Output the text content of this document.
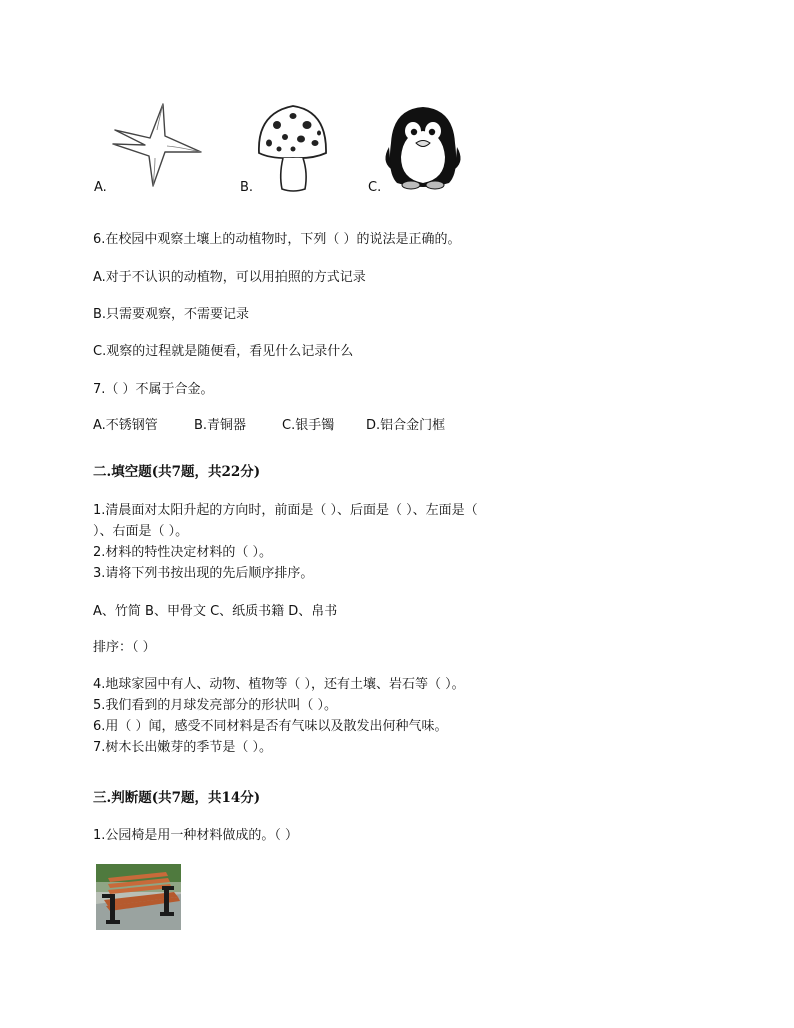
A.	B.	C.
6.在校园中观察土壤上的动植物时，下列（ ）的说法是正确的。
A.对于不认识的动植物，可以用拍照的方式记录
B.只需要观察，不需要记录
C.观察的过程就是随便看，看见什么记录什么
7.（ ）不属于合金。
A.不锈钢管	B.青铜器	C.银手镯 D.铝合金门框
二.填空题(共7题，共22分)
1.清晨面对太阳升起的方向时，前面是（ ）、后面是（ ）、左面是（
）、右面是（ ）。
2.材料的特性决定材料的（ ）。
3.请将下列书按出现的先后顺序排序。
A、竹简 B、甲骨文 C、纸质书籍 D、帛书
排序：（ ）
4.地球家园中有人、动物、植物等（ ），还有土壤、岩石等（ ）。
5.我们看到的月球发亮部分的形状叫（ ）。
6.用（ ）闻，感受不同材料是否有气味以及散发出何种气味。
7.树木长出嫩芽的季节是（ ）。
三.判断题(共7题，共14分)
1.公园椅是用一种材料做成的。（ ）
